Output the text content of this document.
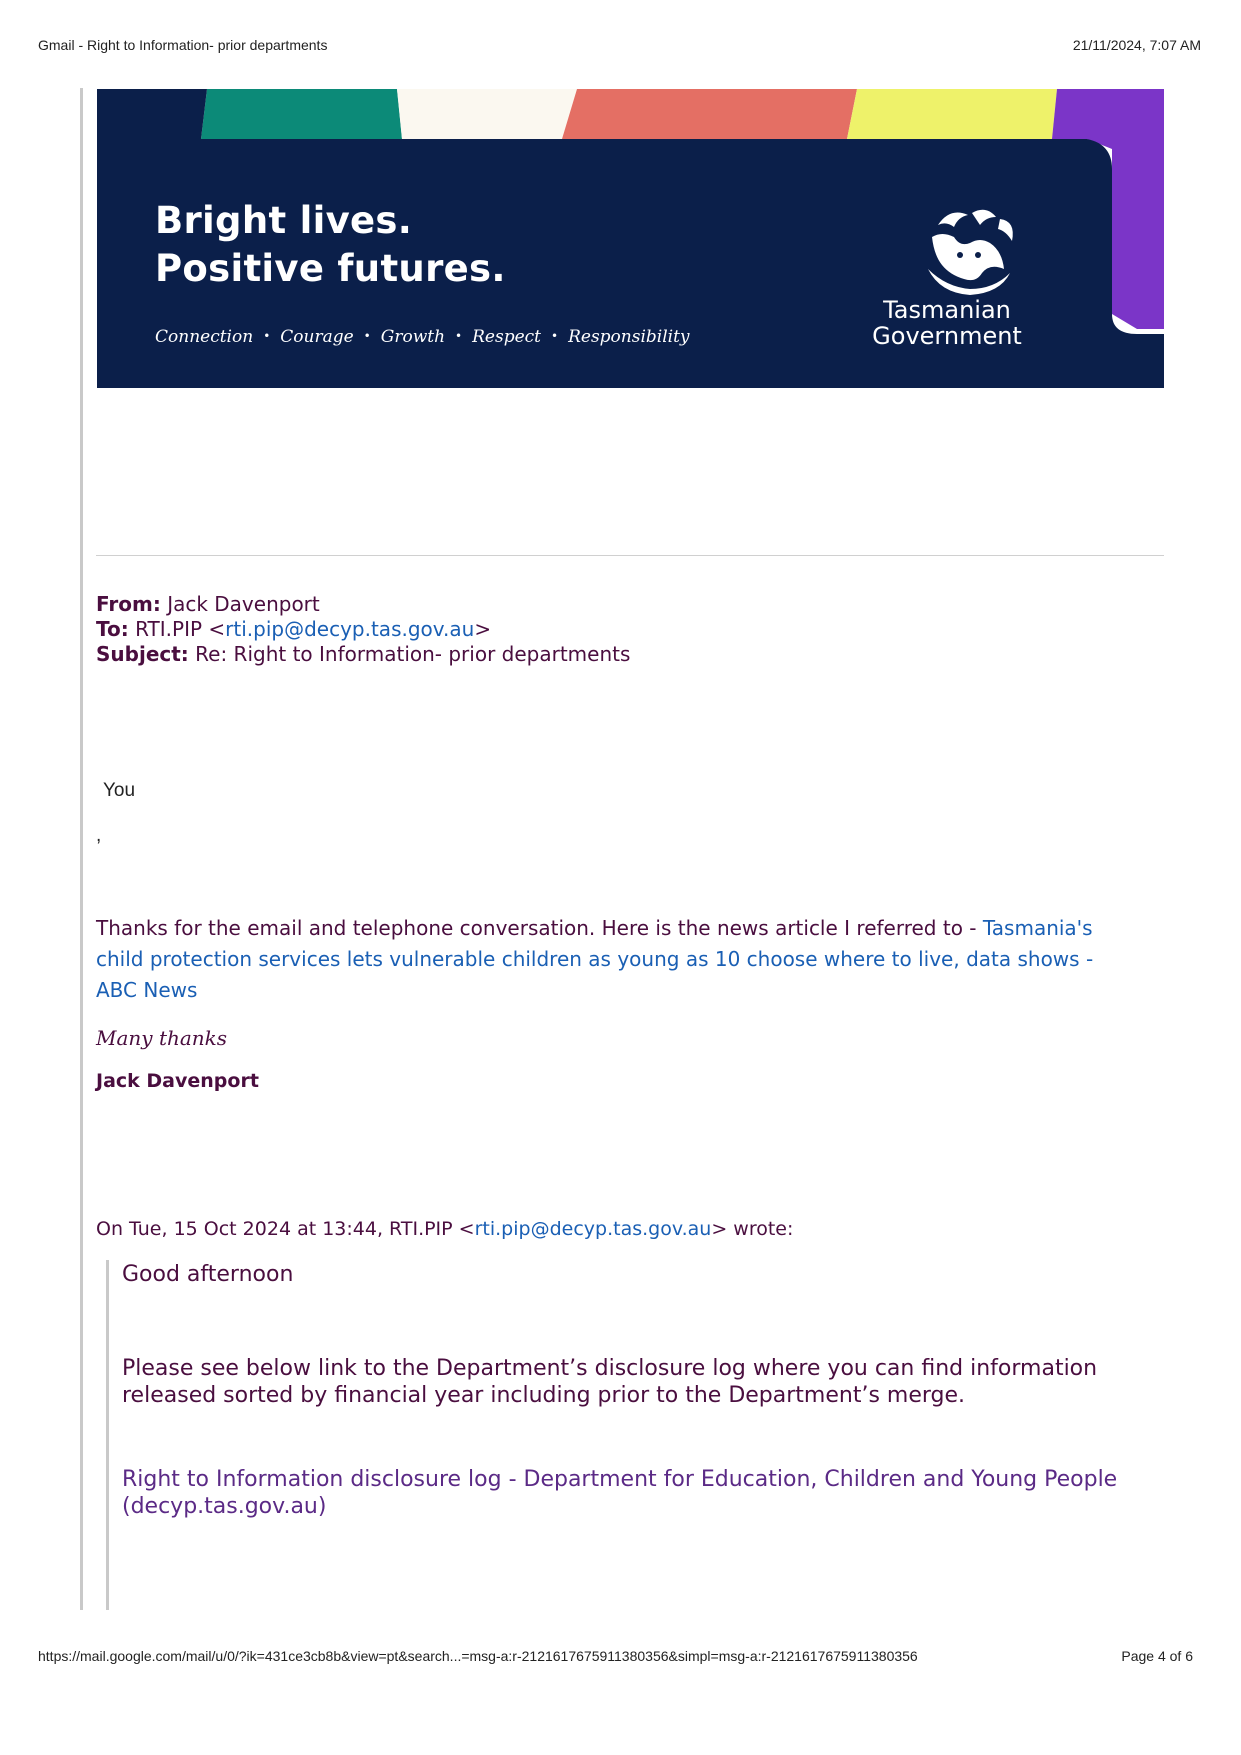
Gmail - Right to Information- prior departments	21/11/2024, 7:07 AM
Bright lives.
Positive futures.
Connection • Courage • Growth • Respect • Responsibility
Tasmanian
Government
From: Jack Davenport
To: RTI.PIP <rti.pip@decyp.tas.gov.au>
Subject: Re: Right to Information- prior departments
You
,
Thanks for the email and telephone conversation. Here is the news article I referred to - Tasmania's child protection services lets vulnerable children as young as 10 choose where to live, data shows - ABC News
Many thanks
Jack Davenport
On Tue, 15 Oct 2024 at 13:44, RTI.PIP <rti.pip@decyp.tas.gov.au> wrote:
Good afternoon
Please see below link to the Department’s disclosure log where you can find information released sorted by financial year including prior to the Department’s merge.
Right to Information disclosure log - Department for Education, Children and Young People (decyp.tas.gov.au)
https://mail.google.com/mail/u/0/?ik=431ce3cb8b&view=pt&search...=msg-a:r-2121617675911380356&simpl=msg-a:r-2121617675911380356	Page 4 of 6
